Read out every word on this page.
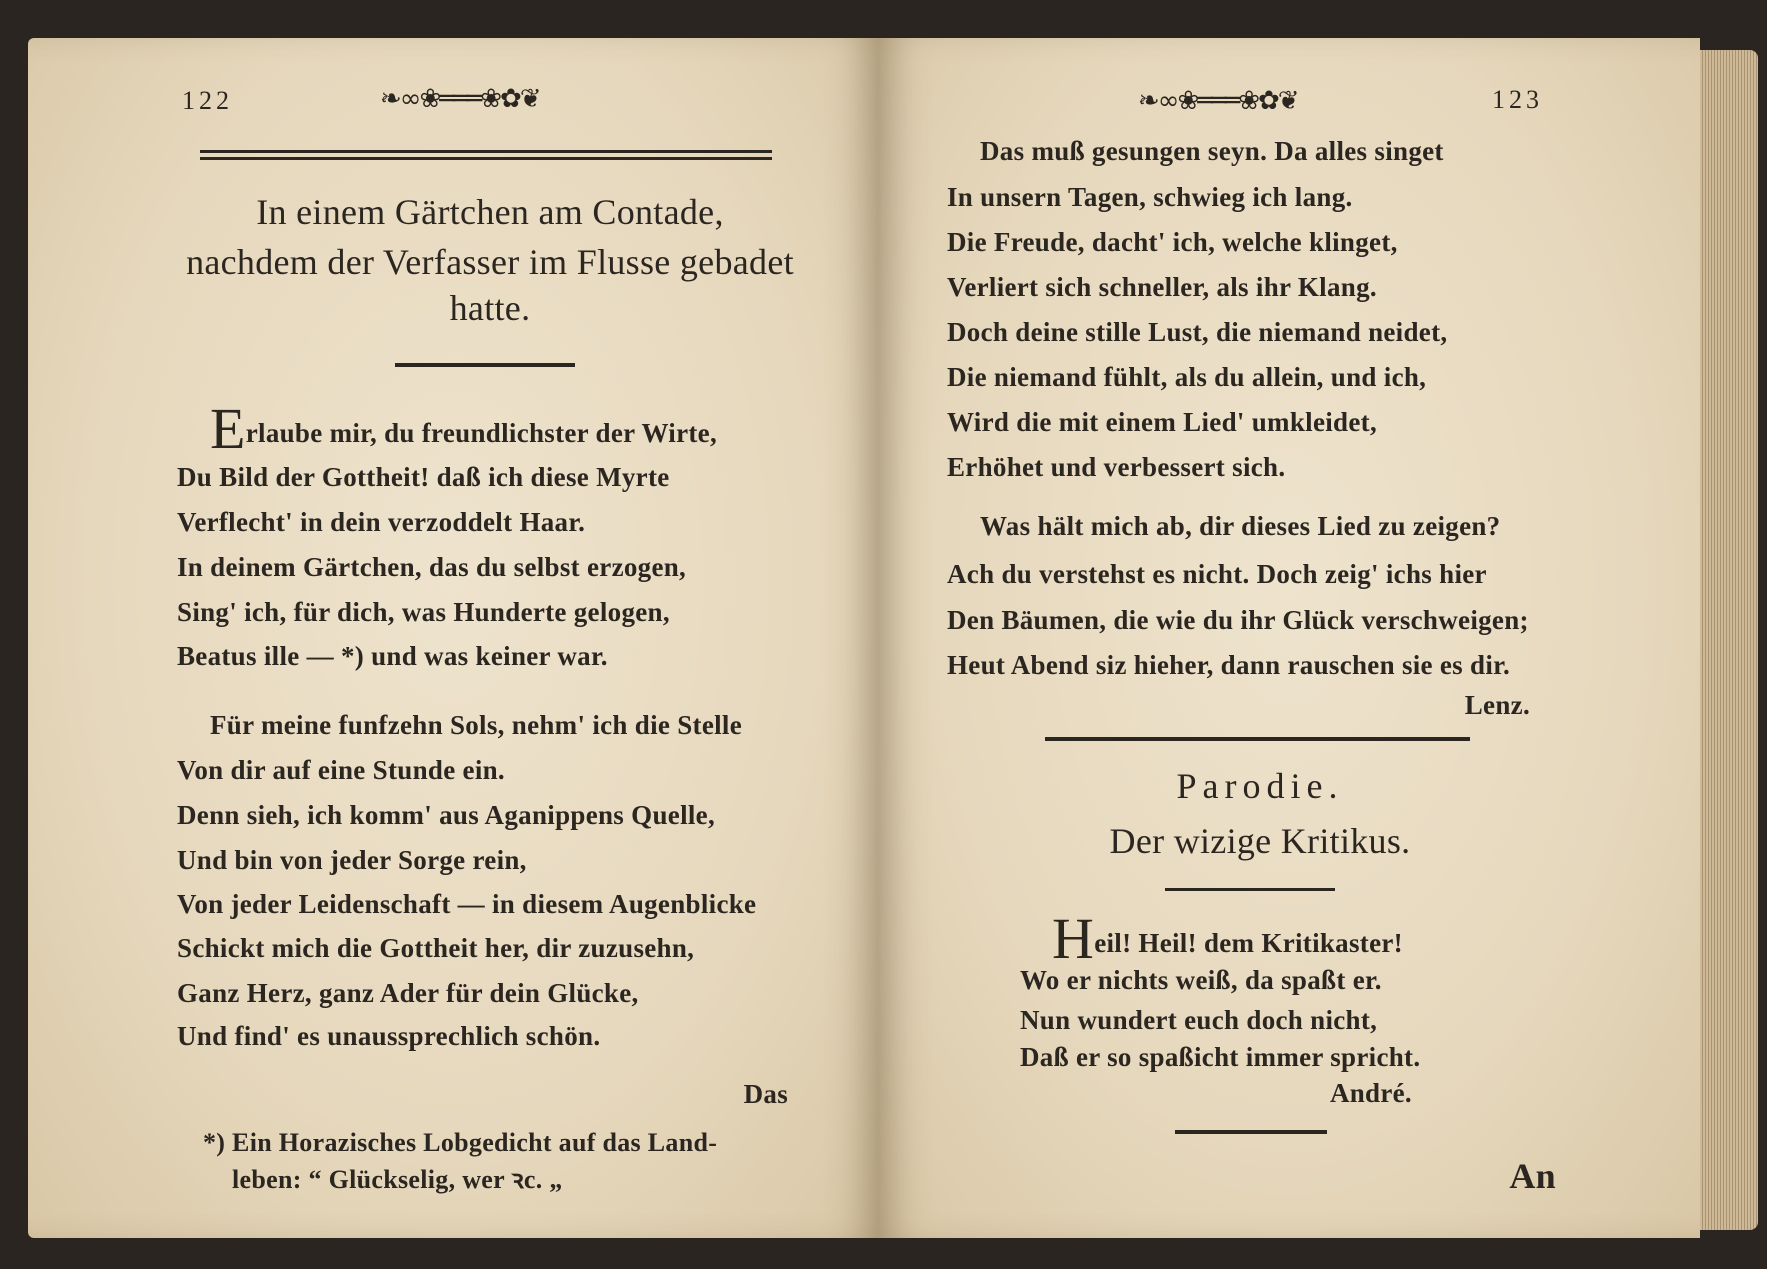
122	❧∞❀═══❀✿❦
In einem Gärtchen am Contade,
nachdem der Verfasser im Flusse gebadet
hatte.
Erlaube mir, du freundlichster der Wirte,
Du Bild der Gottheit! daß ich diese Myrte
Verflecht' in dein verzoddelt Haar.
In deinem Gärtchen, das du selbst erzogen,
Sing' ich, für dich, was Hunderte gelogen,
Beatus ille — *) und was keiner war.
Für meine funfzehn Sols, nehm' ich die Stelle
Von dir auf eine Stunde ein.
Denn sieh, ich komm' aus Aganippens Quelle,
Und bin von jeder Sorge rein,
Von jeder Leidenschaft — in diesem Augenblicke
Schickt mich die Gottheit her, dir zuzusehn,
Ganz Herz, ganz Ader für dein Glücke,
Und find' es unaussprechlich schön.
Das
*) Ein Horazisches Lobgedicht auf das Land-
leben: “ Glückselig, wer ꝛc. „
123
❧∞❀═══❀✿❦
Das muß gesungen seyn. Da alles singet
In unsern Tagen, schwieg ich lang.
Die Freude, dacht' ich, welche klinget,
Verliert sich schneller, als ihr Klang.
Doch deine stille Lust, die niemand neidet,
Die niemand fühlt, als du allein, und ich,
Wird die mit einem Lied' umkleidet,
Erhöhet und verbessert sich.
Was hält mich ab, dir dieses Lied zu zeigen?
Ach du verstehst es nicht. Doch zeig' ichs hier
Den Bäumen, die wie du ihr Glück verschweigen;
Heut Abend siz hieher, dann rauschen sie es dir.
Lenz.
Parodie.
Der wizige Kritikus.
Heil! Heil! dem Kritikaster!
Wo er nichts weiß, da spaßt er.
Nun wundert euch doch nicht,
Daß er so spaßicht immer spricht.
André.
An
